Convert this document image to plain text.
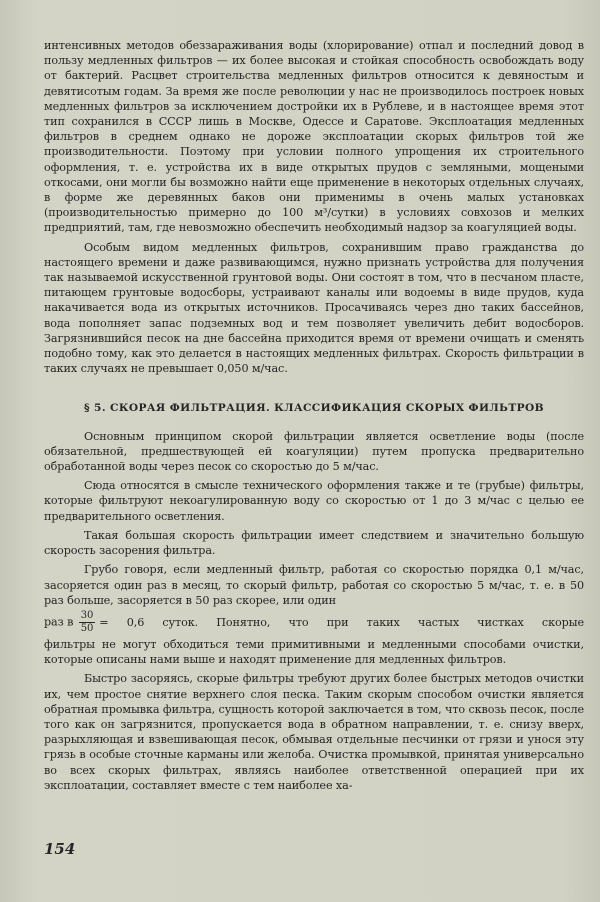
интенсивных методов обеззараживания воды (хлорирование) отпал и последний довод в пользу медленных фильтров — их более высокая и стойкая способность освобождать воду от бактерий. Расцвет строительства медленных фильтров относится к девяностым и девятисотым годам. За время же после революции у нас не производилось построек новых медленных фильтров за исключением достройки их в Рублеве, и в настоящее время этот тип сохранился в СССР лишь в Москве, Одессе и Саратове. Эксплоатация медленных фильтров в среднем однако не дороже эксплоатации скорых фильтров той же производительности. Поэтому при условии полного упрощения их строительного оформления, т. е. устройства их в виде открытых прудов с земляными, мощеными откосами, они могли бы возможно найти еще применение в некоторых отдельных случаях, в форме же деревянных баков они применимы в очень малых установках (производительностью примерно до 100 м³/сутки) в условиях совхозов и мелких предприятий, там, где невозможно обеспечить необходимый надзор за коагуляцией воды.

Особым видом медленных фильтров, сохранившим право гражданства до настоящего времени и даже развивающимся, нужно признать устройства для получения так называемой искусственной грунтовой воды. Они состоят в том, что в песчаном пласте, питающем грунтовые водосборы, устраивают каналы или водоемы в виде прудов, куда накачивается вода из открытых источников. Просачиваясь через дно таких бассейнов, вода пополняет запас подземных вод и тем позволяет увеличить дебит водосборов. Загрязнившийся песок на дне бассейна приходится время от времени очищать и сменять подобно тому, как это делается в настоящих медленных фильтрах. Скорость фильтрации в таких случаях не превышает 0,050 м/час.

§ 5. СКОРАЯ ФИЛЬТРАЦИЯ. КЛАССИФИКАЦИЯ СКОРЫХ ФИЛЬТРОВ

Основным принципом скорой фильтрации является осветление воды (после обязательной, предшествующей ей коагуляции) путем пропуска предварительно обработанной воды через песок со скоростью до 5 м/час.

Сюда относятся в смысле технического оформления также и те (грубые) фильтры, которые фильтруют некоагулированную воду со скоростью от 1 до 3 м/час с целью ее предварительного осветления.

Такая большая скорость фильтрации имеет следствием и значительно большую скорость засорения фильтра.

Грубо говоря, если медленный фильтр, работая со скоростью порядка 0,1 м/час, засоряется один раз в месяц, то скорый фильтр, работая со скоростью 5 м/час, т. е. в 50 раз больше, засоряется в 50 раз скорее, или один

раз в $\frac{30}{50} = 0,6$ суток. Понятно, что при таких частых чистках скорые

фильтры не могут обходиться теми примитивными и медленными способами очистки, которые описаны нами выше и находят применение для медленных фильтров.

Быстро засоряясь, скорые фильтры требуют других более быстрых методов очистки их, чем простое снятие верхнего слоя песка. Таким скорым способом очистки является обратная промывка фильтра, сущность которой заключается в том, что сквозь песок, после того как он загрязнится, пропускается вода в обратном направлении, т. е. снизу вверх, разрыхляющая и взвешивающая песок, обмывая отдельные песчинки от грязи и унося эту грязь в особые сточные карманы или желоба. Очистка промывкой, принятая универсально во всех скорых фильтрах, являясь наиболее ответственной операцией при их эксплоатации, составляет вместе с тем наиболее ха-

154
